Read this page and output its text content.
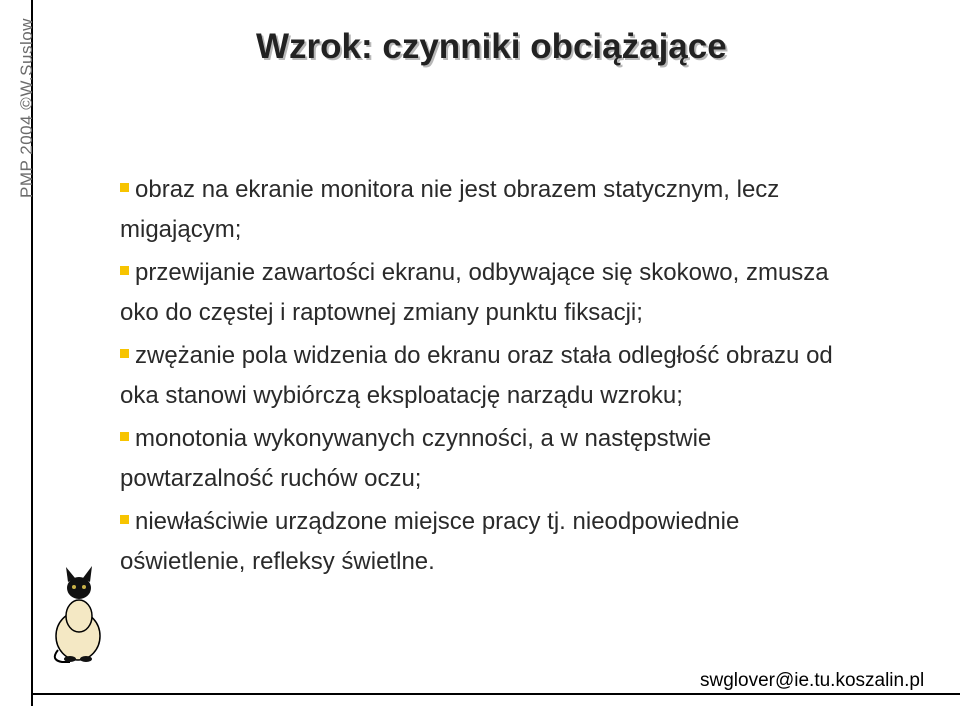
PMP 2004 ©W.Suslow	Wzrok: czynniki obciążające
obraz na ekranie monitora nie jest obrazem statycznym, lecz
migającym;
przewijanie zawartości ekranu, odbywające się skokowo, zmusza
oko do częstej i raptownej zmiany punktu fiksacji;
zwężanie pola widzenia do ekranu oraz stała odległość obrazu od
oka stanowi wybiórczą eksploatację narządu wzroku;
monotonia wykonywanych czynności, a w następstwie
powtarzalność ruchów oczu;
niewłaściwie urządzone miejsce pracy tj. nieodpowiednie
oświetlenie, refleksy świetlne.
swglover@ie.tu.koszalin.pl
